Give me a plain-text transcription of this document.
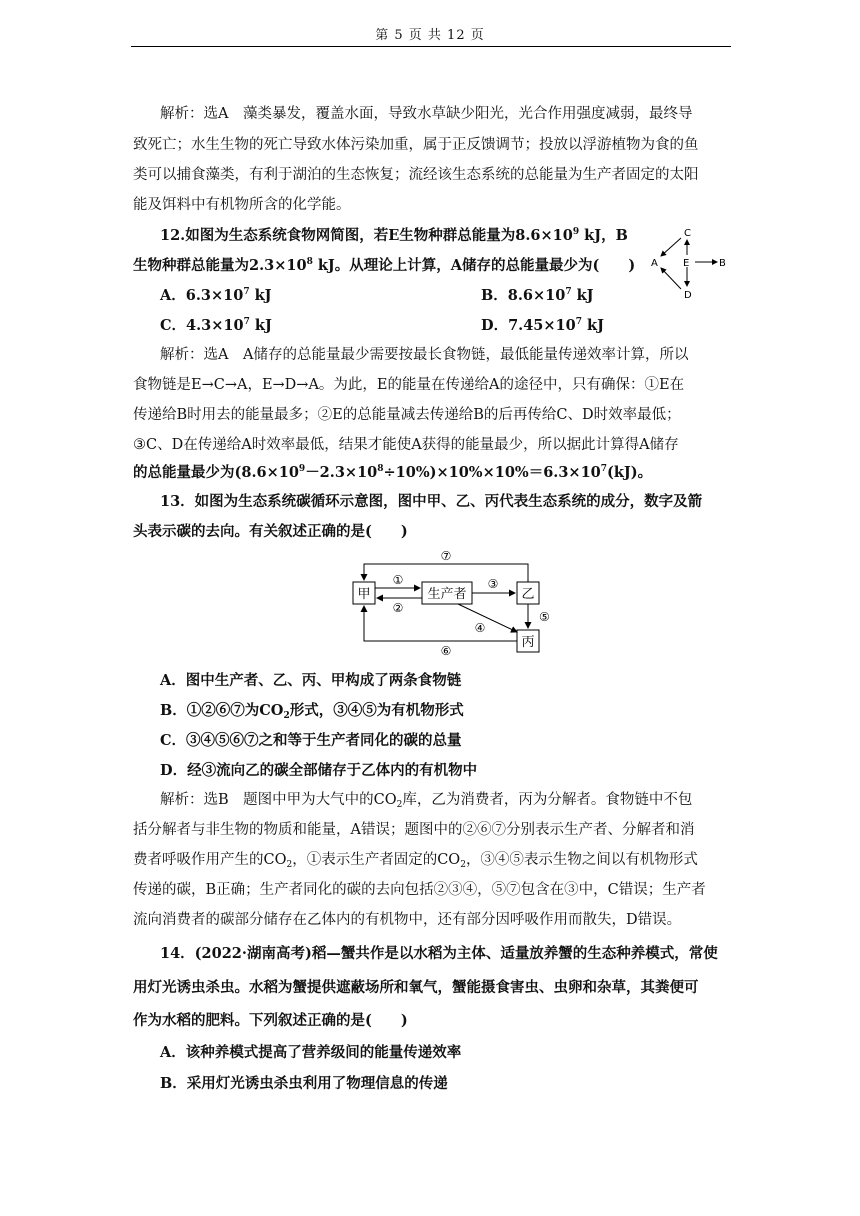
第 5 页 共 12 页
解析：选A　藻类暴发，覆盖水面，导致水草缺少阳光，光合作用强度减弱，最终导
致死亡；水生生物的死亡导致水体污染加重，属于正反馈调节；投放以浮游植物为食的鱼
类可以捕食藻类，有利于湖泊的生态恢复；流经该生态系统的总能量为生产者固定的太阳
能及饵料中有机物所含的化学能。
12.如图为生态系统食物网简图，若E生物种群总能量为$8.6\times 10^9$ kJ，B
生物种群总能量为$2.3\times 10^8$ kJ。从理论上计算，A储存的总能量最少为(　　)
C
A	E	B
D
A．$6.3\times 10^7$ kJ	B．$8.6\times 10^7$ kJ
C．$4.3\times 10^7$ kJ	D．$7.45\times 10^7$ kJ
解析：选A　A储存的总能量最少需要按最长食物链，最低能量传递效率计算，所以
食物链是E→C→A，E→D→A。为此，E的能量在传递给A的途径中，只有确保：①E在
传递给B时用去的能量最多；②E的总能量减去传递给B的后再传给C、D时效率最低；
③C、D在传递给A时效率最低，结果才能使A获得的能量最少，所以据此计算得A储存
的总能量最少为$(8.6\times 10^9-2.3\times 10^8\div 10\%)\times 10\%\times 10\%=6.3\times 10^7(kJ)$。
13．如图为生态系统碳循环示意图，图中甲、乙、丙代表生态系统的成分，数字及箭
头表示碳的去向。有关叙述正确的是(　　)
甲	生产者	乙
丙
⑦
①
②
③
④
⑤
⑥
A．图中生产者、乙、丙、甲构成了两条食物链
B．①②⑥⑦为$CO_2$形式，③④⑤为有机物形式
C．③④⑤⑥⑦之和等于生产者同化的碳的总量
D．经③流向乙的碳全部储存于乙体内的有机物中
解析：选B　题图中甲为大气中的$CO_2$库，乙为消费者，丙为分解者。食物链中不包
括分解者与非生物的物质和能量，A错误；题图中的②⑥⑦分别表示生产者、分解者和消
费者呼吸作用产生的$CO_2$，①表示生产者固定的$CO_2$，③④⑤表示生物之间以有机物形式
传递的碳，B正确；生产者同化的碳的去向包括②③④，⑤⑦包含在③中，C错误；生产者
流向消费者的碳部分储存在乙体内的有机物中，还有部分因呼吸作用而散失，D错误。
14．(2022·湖南高考)稻—蟹共作是以水稻为主体、适量放养蟹的生态种养模式，常使
用灯光诱虫杀虫。水稻为蟹提供遮蔽场所和氧气，蟹能摄食害虫、虫卵和杂草，其粪便可
作为水稻的肥料。下列叙述正确的是(　　)
A．该种养模式提高了营养级间的能量传递效率
B．采用灯光诱虫杀虫利用了物理信息的传递
